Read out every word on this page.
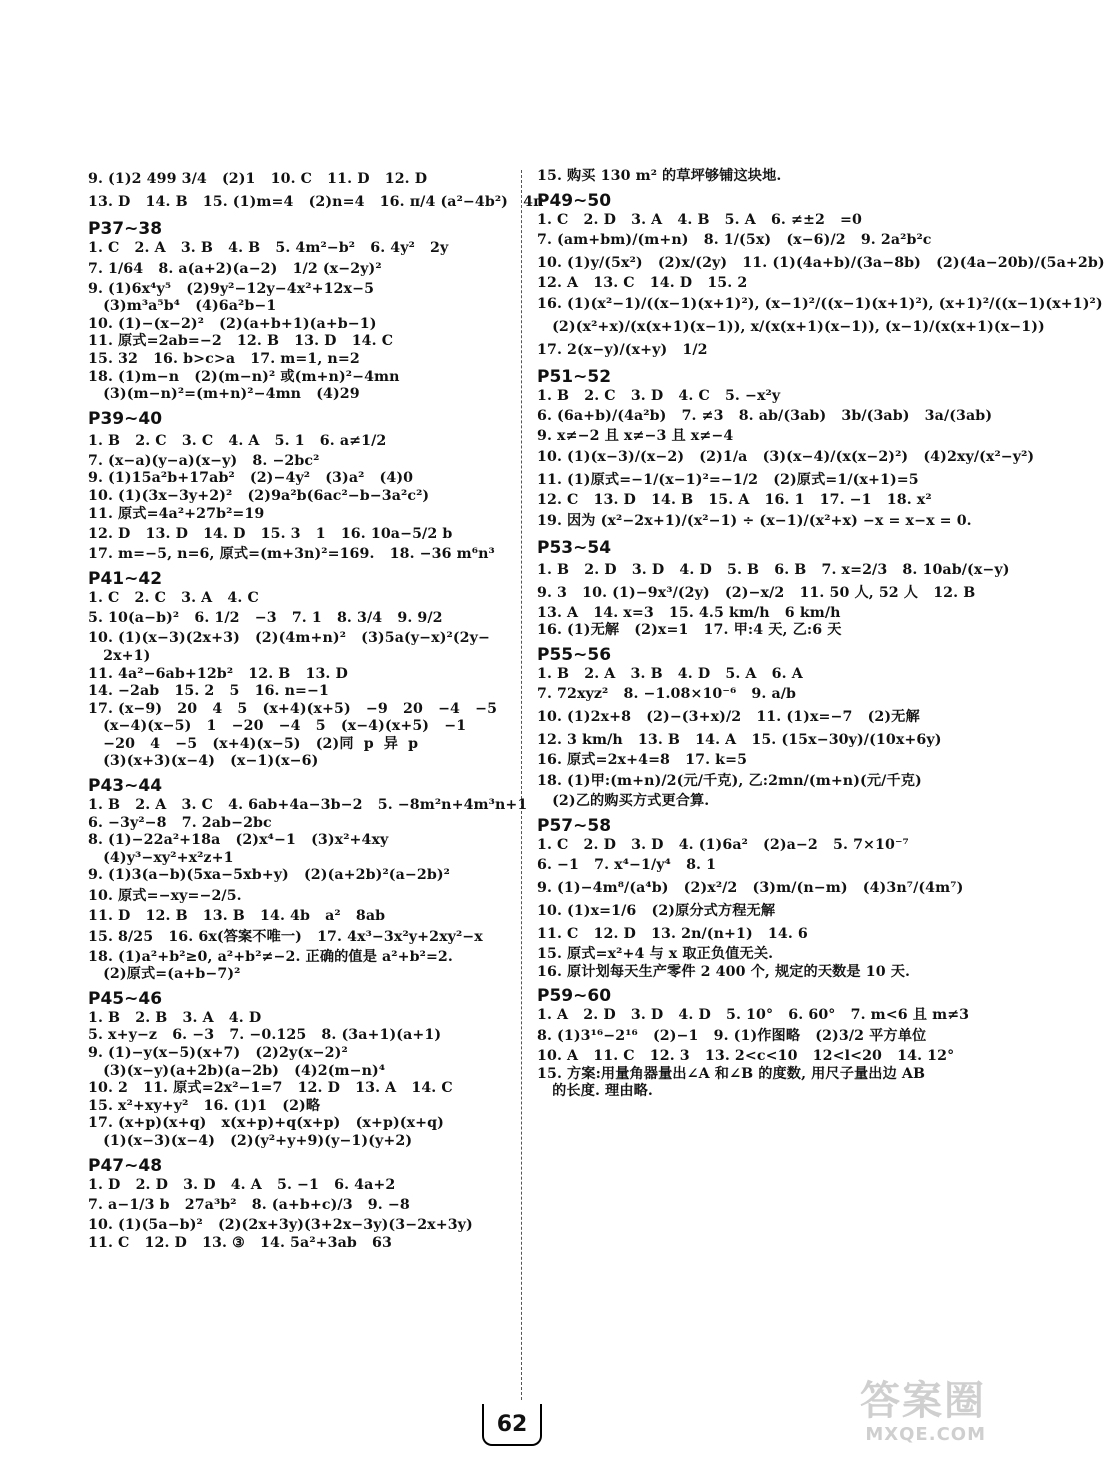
9. (1)2 499 3/4   (2)1   10. C   11. D   12. D
13. D   14. B   15. (1)m=4   (2)n=4   16. π/4 (a²−4b²)   4π
P37~38
1. C   2. A   3. B   4. B   5. 4m²−b²   6. 4y²   2y
7. 1/64   8. a(a+2)(a−2)   1/2 (x−2y)²
9. (1)6x⁴y⁵   (2)9y²−12y−4x²+12x−5
(3)m³a⁵b⁴   (4)6a²b−1
10. (1)−(x−2)²   (2)(a+b+1)(a+b−1)
11. 原式=2ab=−2   12. B   13. D   14. C
15. 32   16. b>c>a   17. m=1, n=2
18. (1)m−n   (2)(m−n)² 或(m+n)²−4mn
(3)(m−n)²=(m+n)²−4mn   (4)29
P39~40
1. B   2. C   3. C   4. A   5. 1   6. a≠1/2
7. (x−a)(y−a)(x−y)   8. −2bc²
9. (1)15a²b+17ab²   (2)−4y²   (3)a²   (4)0
10. (1)(3x−3y+2)²   (2)9a²b(6ac²−b−3a²c²)
11. 原式=4a²+27b²=19
12. D   13. D   14. D   15. 3   1   16. 10a−5/2 b
17. m=−5, n=6, 原式=(m+3n)²=169.   18. −36 m⁶n³
P41~42
1. C   2. C   3. A   4. C
5. 10(a−b)²   6. 1/2   −3   7. 1   8. 3/4   9. 9/2
10. (1)(x−3)(2x+3)   (2)(4m+n)²   (3)5a(y−x)²(2y−
2x+1)
11. 4a²−6ab+12b²   12. B   13. D
14. −2ab   15. 2   5   16. n=−1
17. (x−9)   20   4   5   (x+4)(x+5)   −9   20   −4   −5
(x−4)(x−5)   1   −20   −4   5   (x−4)(x+5)   −1
−20   4   −5   (x+4)(x−5)   (2)同  p  异  p
(3)(x+3)(x−4)   (x−1)(x−6)
P43~44
1. B   2. A   3. C   4. 6ab+4a−3b−2   5. −8m²n+4m³n+1
6. −3y²−8   7. 2ab−2bc
8. (1)−22a²+18a   (2)x⁴−1   (3)x²+4xy
(4)y³−xy²+x²z+1
9. (1)3(a−b)(5xa−5xb+y)   (2)(a+2b)²(a−2b)²
10. 原式=−xy=−2/5.
11. D   12. B   13. B   14. 4b   a²   8ab
15. 8/25   16. 6x(答案不唯一)   17. 4x³−3x²y+2xy²−x
18. (1)a²+b²≥0, a²+b²≠−2. 正确的值是 a²+b²=2.
(2)原式=(a+b−7)²
P45~46
1. B   2. B   3. A   4. D
5. x+y−z   6. −3   7. −0.125   8. (3a+1)(a+1)
9. (1)−y(x−5)(x+7)   (2)2y(x−2)²
(3)(x−y)(a+2b)(a−2b)   (4)2(m−n)⁴
10. 2   11. 原式=2x²−1=7   12. D   13. A   14. C
15. x²+xy+y²   16. (1)1   (2)略
17. (x+p)(x+q)   x(x+p)+q(x+p)   (x+p)(x+q)
(1)(x−3)(x−4)   (2)(y²+y+9)(y−1)(y+2)
P47~48
1. D   2. D   3. D   4. A   5. −1   6. 4a+2
7. a−1/3 b   27a³b²   8. (a+b+c)/3   9. −8
10. (1)(5a−b)²   (2)(2x+3y)(3+2x−3y)(3−2x+3y)
11. C   12. D   13. ③   14. 5a²+3ab   63
15. 购买 130 m² 的草坪够铺这块地.
P49~50
1. C   2. D   3. A   4. B   5. A   6. ≠±2   =0
7. (am+bm)/(m+n)   8. 1/(5x)   (x−6)/2   9. 2a²b²c
10. (1)y/(5x²)   (2)x/(2y)   11. (1)(4a+b)/(3a−8b)   (2)(4a−20b)/(5a+2b)
12. A   13. C   14. D   15. 2
16. (1)(x²−1)/((x−1)(x+1)²), (x−1)²/((x−1)(x+1)²), (x+1)²/((x−1)(x+1)²)
(2)(x²+x)/(x(x+1)(x−1)), x/(x(x+1)(x−1)), (x−1)/(x(x+1)(x−1))
17. 2(x−y)/(x+y)   1/2
P51~52
1. B   2. C   3. D   4. C   5. −x²y
6. (6a+b)/(4a²b)   7. ≠3   8. ab/(3ab)   3b/(3ab)   3a/(3ab)
9. x≠−2 且 x≠−3 且 x≠−4
10. (1)(x−3)/(x−2)   (2)1/a   (3)(x−4)/(x(x−2)²)   (4)2xy/(x²−y²)
11. (1)原式=−1/(x−1)²=−1/2   (2)原式=1/(x+1)=5
12. C   13. D   14. B   15. A   16. 1   17. −1   18. x²
19. 因为 (x²−2x+1)/(x²−1) ÷ (x−1)/(x²+x) −x = x−x = 0.
P53~54
1. B   2. D   3. D   4. D   5. B   6. B   7. x=2/3   8. 10ab/(x−y)
9. 3   10. (1)−9x³/(2y)   (2)−x/2   11. 50 人, 52 人   12. B
13. A   14. x=3   15. 4.5 km/h   6 km/h
16. (1)无解   (2)x=1   17. 甲:4 天, 乙:6 天
P55~56
1. B   2. A   3. B   4. D   5. A   6. A
7. 72xyz²   8. −1.08×10⁻⁶   9. a/b
10. (1)2x+8   (2)−(3+x)/2   11. (1)x=−7   (2)无解
12. 3 km/h   13. B   14. A   15. (15x−30y)/(10x+6y)
16. 原式=2x+4=8   17. k=5
18. (1)甲:(m+n)/2(元/千克), 乙:2mn/(m+n)(元/千克)
(2)乙的购买方式更合算.
P57~58
1. C   2. D   3. D   4. (1)6a²   (2)a−2   5. 7×10⁻⁷
6. −1   7. x⁴−1/y⁴   8. 1
9. (1)−4m⁸/(a⁴b)   (2)x²/2   (3)m/(n−m)   (4)3n⁷/(4m⁷)
10. (1)x=1/6   (2)原分式方程无解
11. C   12. D   13. 2n/(n+1)   14. 6
15. 原式=x²+4 与 x 取正负值无关.
16. 原计划每天生产零件 2 400 个, 规定的天数是 10 天.
P59~60
1. A   2. D   3. D   4. D   5. 10°   6. 60°   7. m<6 且 m≠3
8. (1)3¹⁶−2¹⁶   (2)−1   9. (1)作图略   (2)3/2 平方单位
10. A   11. C   12. 3   13. 2<c<10   12<l<20   14. 12°
15. 方案:用量角器量出∠A 和∠B 的度数, 用尺子量出边 AB
的长度. 理由略.
62	答案圈
MXQE.COM
